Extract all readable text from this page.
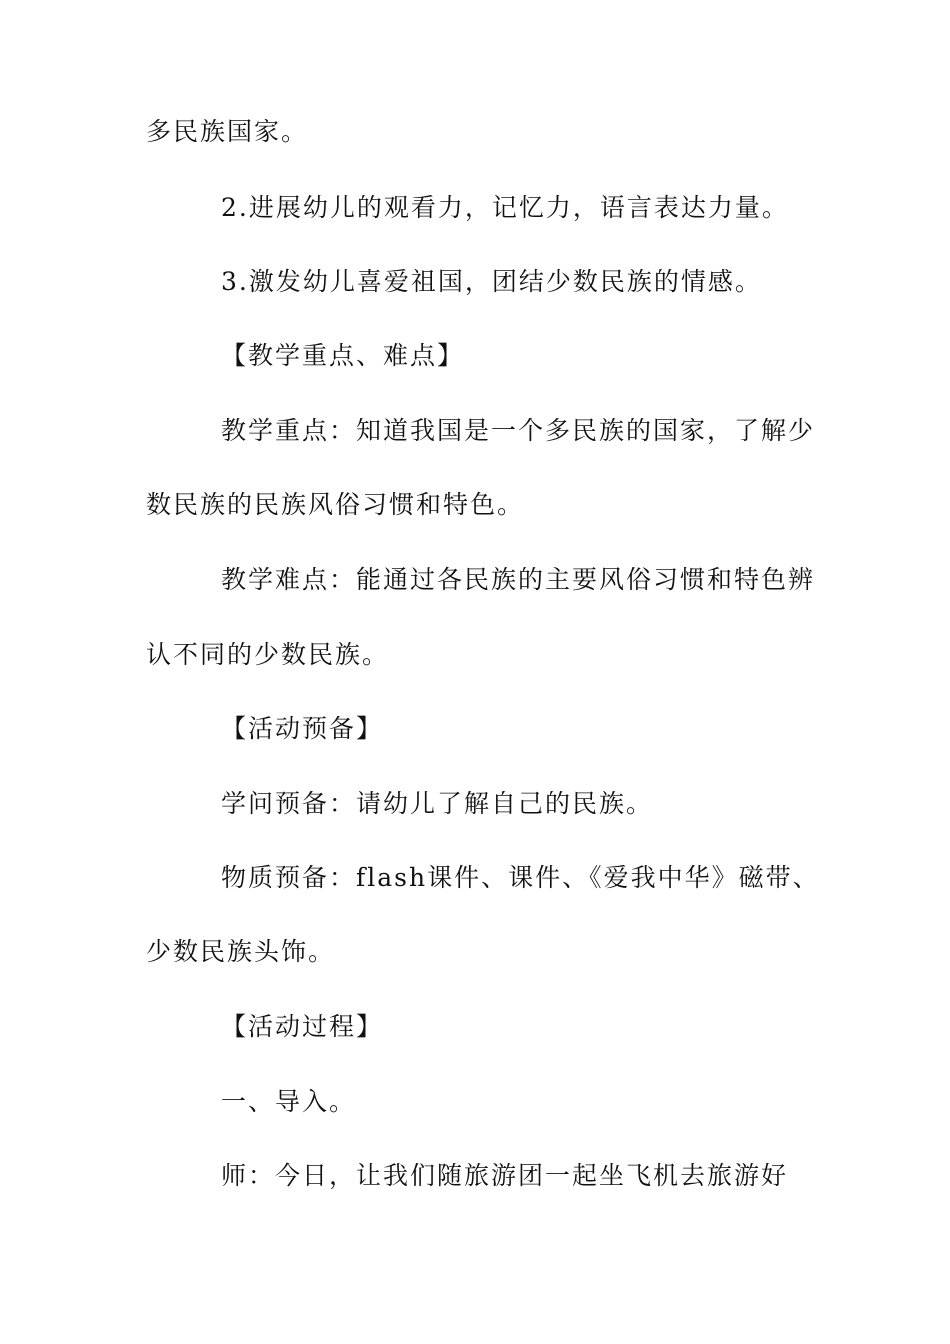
多民族国家。

2.进展幼儿的观看力，记忆力，语言表达力量。

3.激发幼儿喜爱祖国，团结少数民族的情感。

【教学重点、难点】

教学重点：知道我国是一个多民族的国家，了解少

数民族的民族风俗习惯和特色。

教学难点：能通过各民族的主要风俗习惯和特色辨

认不同的少数民族。

【活动预备】

学问预备：请幼儿了解自己的民族。

物质预备：flash课件、课件、《爱我中华》磁带、

少数民族头饰。

【活动过程】

一、导入。

师：今日，让我们随旅游团一起坐飞机去旅游好
